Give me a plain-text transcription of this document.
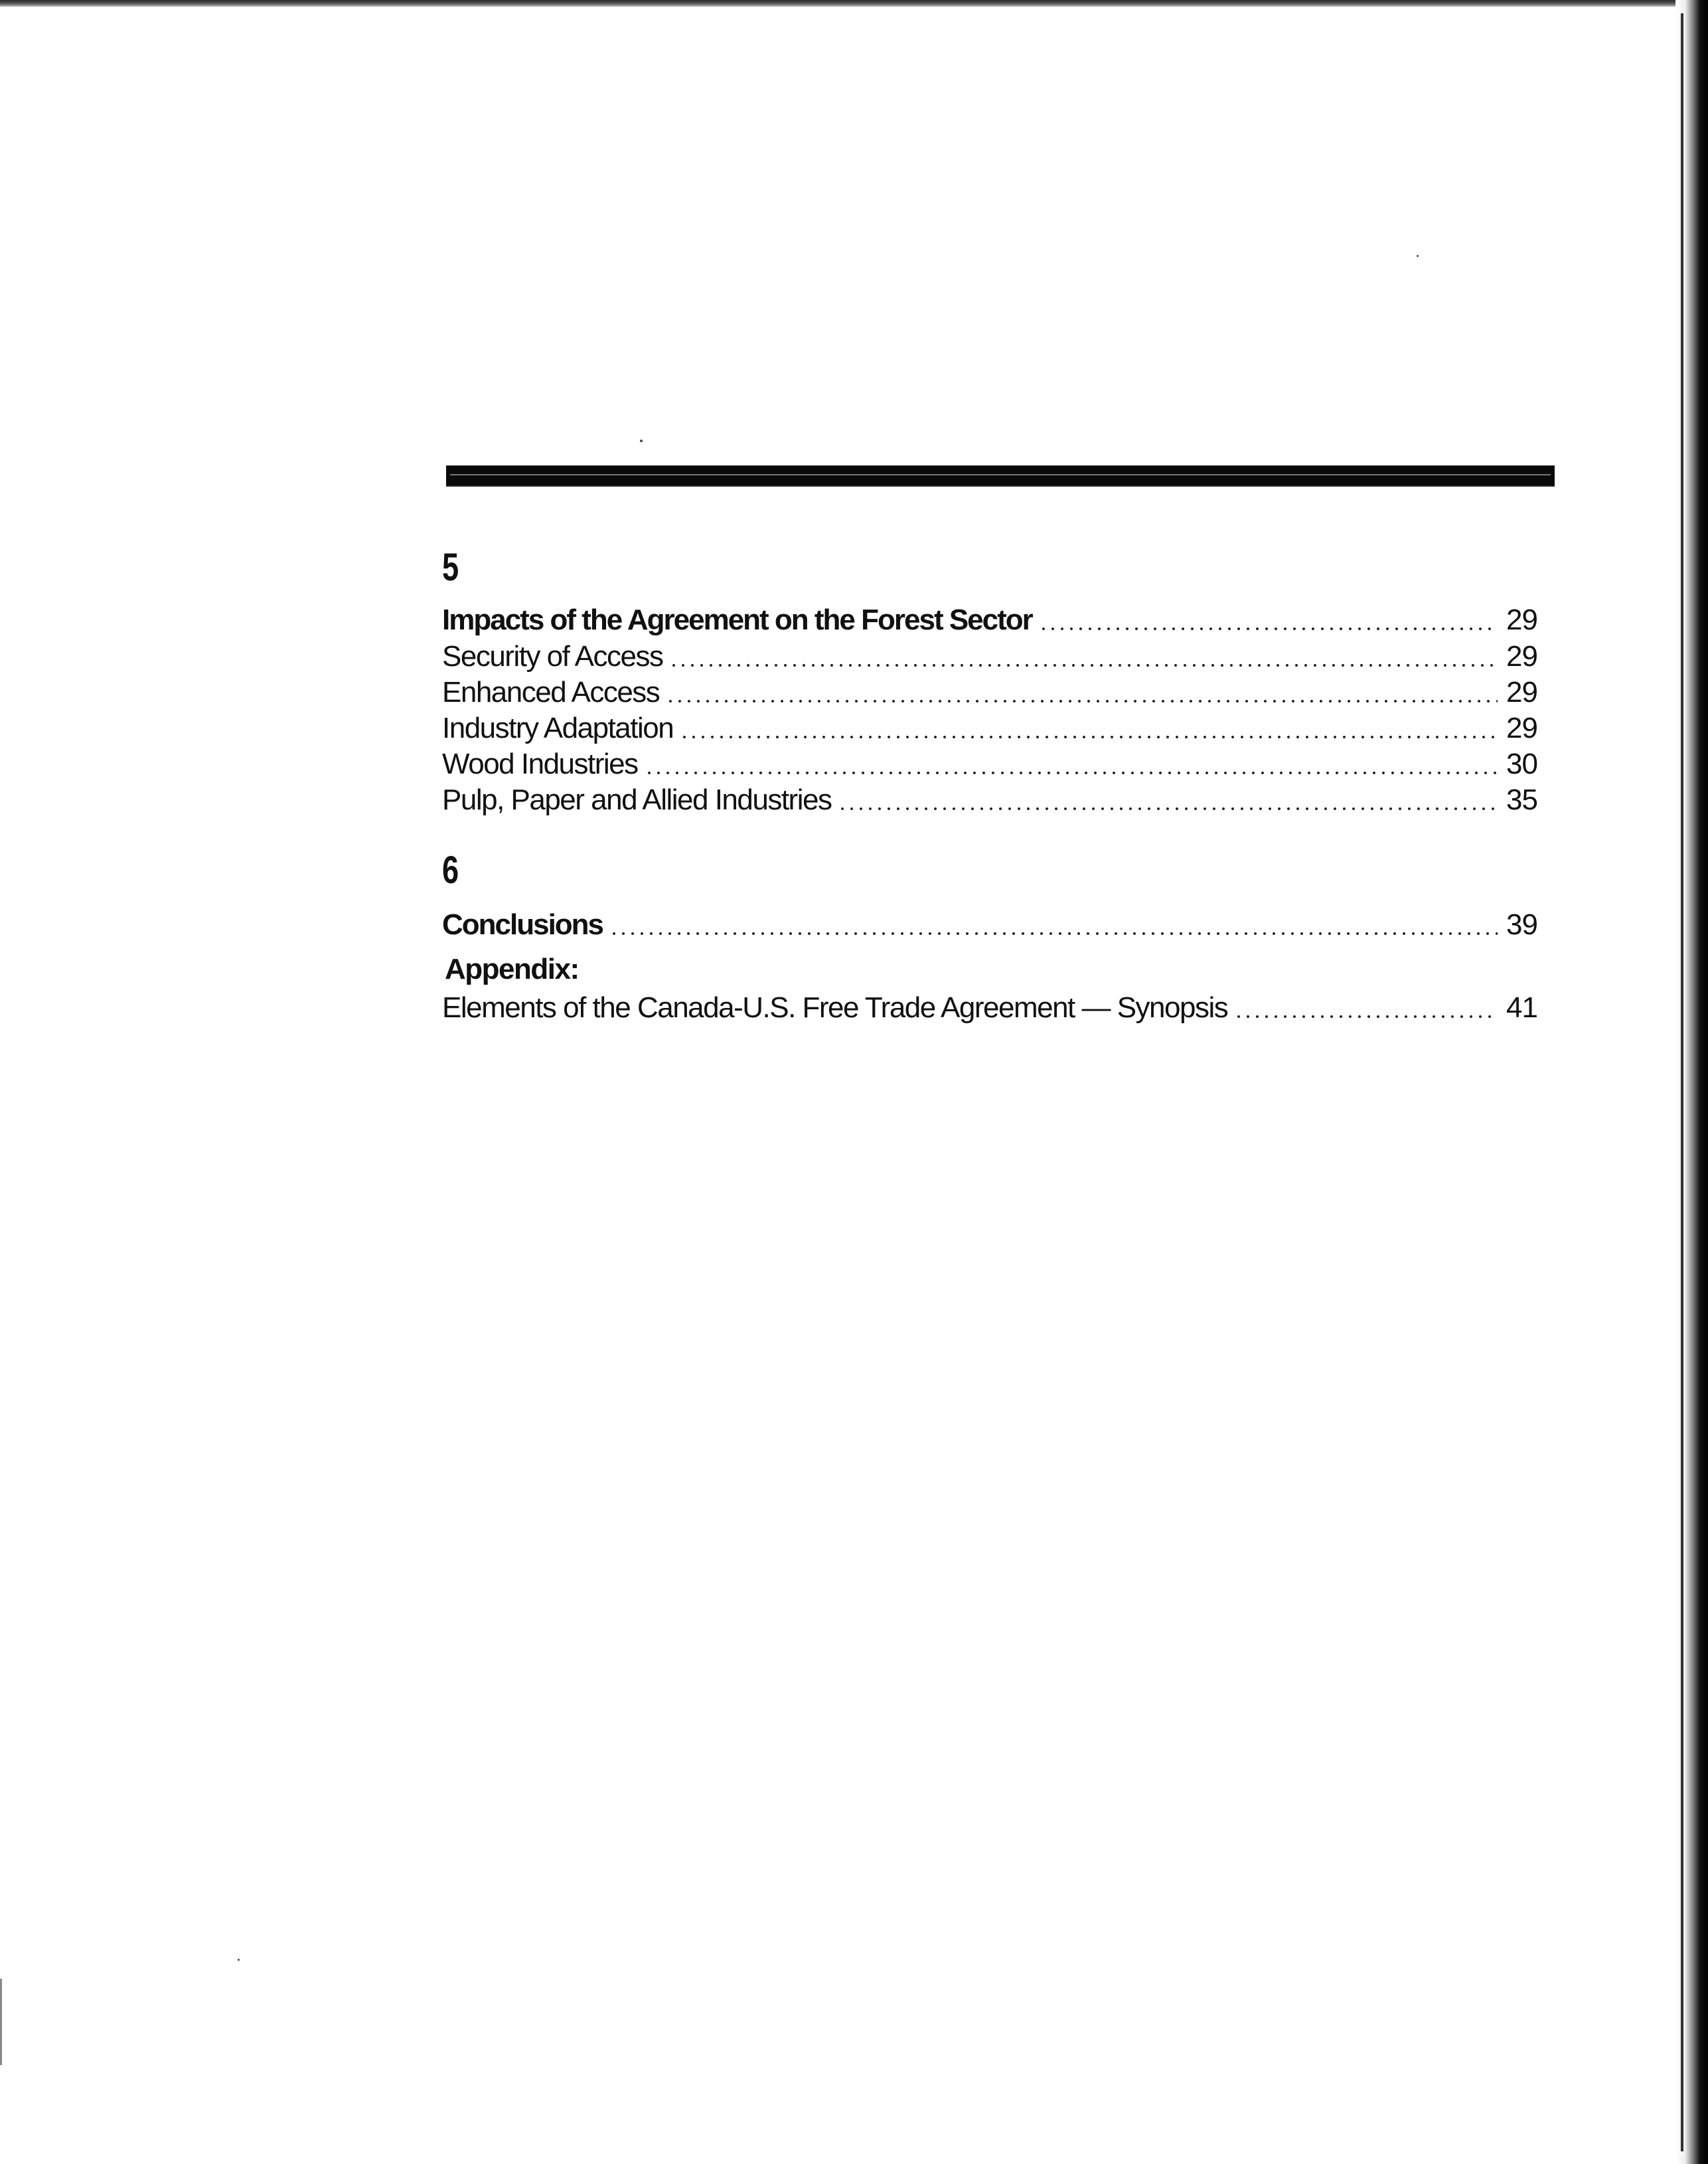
5
Impacts of the Agreement on the Forest Sector	29
Security of Access	29
Enhanced Access	29
Industry Adaptation	29
Wood Industries	30
Pulp, Paper and Allied Industries	35
6
Conclusions	39
Appendix:
Elements of the Canada-U.S. Free Trade Agreement — Synopsis	41
